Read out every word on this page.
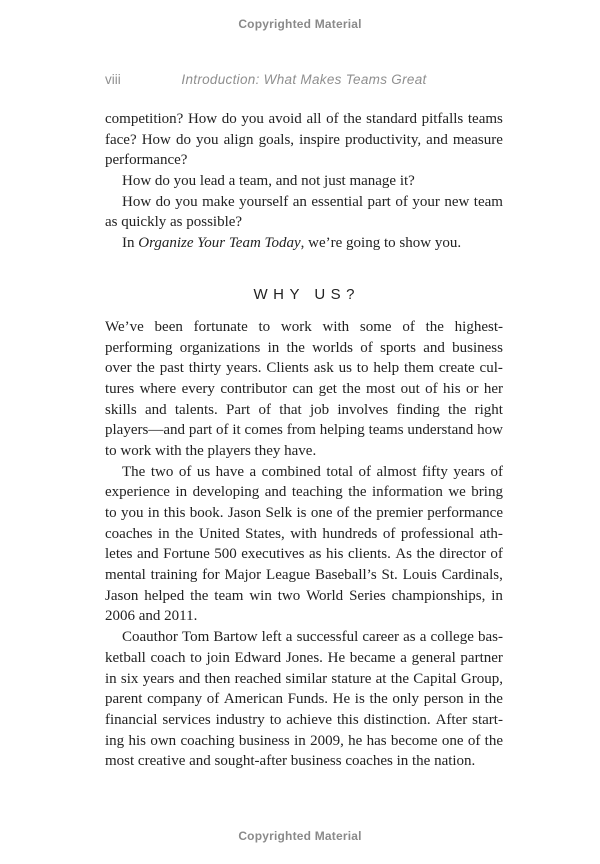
Copyrighted Material
viii	Introduction: What Makes Teams Great
competition? How do you avoid all of the standard pitfalls teams
face? How do you align goals, inspire productivity, and measure
performance?
How do you lead a team, and not just manage it?
How do you make yourself an essential part of your new team
as quickly as possible?
In Organize Your Team Today, we’re going to show you.
WHY US?
We’ve been fortunate to work with some of the highest-
performing organizations in the worlds of sports and business
over the past thirty years. Clients ask us to help them create cul-
tures where every contributor can get the most out of his or her
skills and talents. Part of that job involves finding the right
players—and part of it comes from helping teams understand how
to work with the players they have.
The two of us have a combined total of almost fifty years of
experience in developing and teaching the information we bring
to you in this book. Jason Selk is one of the premier performance
coaches in the United States, with hundreds of professional ath-
letes and Fortune 500 executives as his clients. As the director of
mental training for Major League Baseball’s St. Louis Cardinals,
Jason helped the team win two World Series championships, in
2006 and 2011.
Coauthor Tom Bartow left a successful career as a college bas-
ketball coach to join Edward Jones. He became a general partner
in six years and then reached similar stature at the Capital Group,
parent company of American Funds. He is the only person in the
financial services industry to achieve this distinction. After start-
ing his own coaching business in 2009, he has become one of the
most creative and sought-after business coaches in the nation.
Copyrighted Material
